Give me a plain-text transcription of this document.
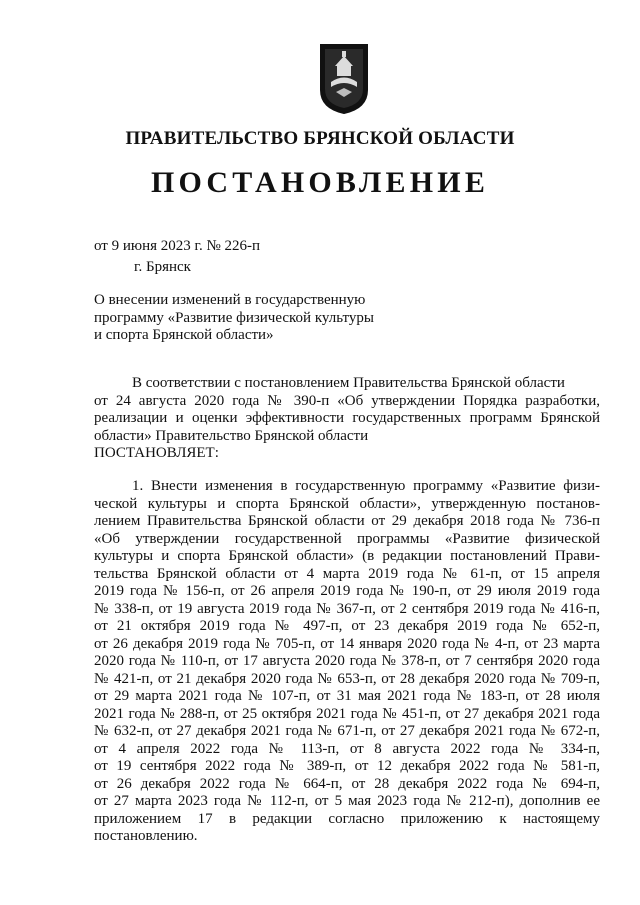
ПРАВИТЕЛЬСТВО БРЯНСКОЙ ОБЛАСТИ
ПОСТАНОВЛЕНИЕ
от 9 июня 2023 г. № 226-п
г. Брянск
О внесении изменений в государственную
программу «Развитие физической культуры
и спорта Брянской области»
В соответствии с постановлением Правительства Брянской области
от 24 августа 2020 года № 390-п «Об утверждении Порядка разработки,
реализации и оценки эффективности государственных программ Брянской
области» Правительство Брянской области
ПОСТАНОВЛЯЕТ:
1. Внести изменения в государственную программу «Развитие физи-
ческой культуры и спорта Брянской области», утвержденную постанов-
лением Правительства Брянской области от 29 декабря 2018 года № 736-п
«Об утверждении государственной программы «Развитие физической
культуры и спорта Брянской области» (в редакции постановлений Прави-
тельства Брянской области от 4 марта 2019 года № 61-п, от 15 апреля
2019 года № 156-п, от 26 апреля 2019 года № 190-п, от 29 июля 2019 года
№ 338-п, от 19 августа 2019 года № 367-п, от 2 сентября 2019 года № 416-п,
от 21 октября 2019 года № 497-п, от 23 декабря 2019 года № 652-п,
от 26 декабря 2019 года № 705-п, от 14 января 2020 года № 4-п, от 23 марта
2020 года № 110-п, от 17 августа 2020 года № 378-п, от 7 сентября 2020 года
№ 421-п, от 21 декабря 2020 года № 653-п, от 28 декабря 2020 года № 709-п,
от 29 марта 2021 года № 107-п, от 31 мая 2021 года № 183-п, от 28 июля
2021 года № 288-п, от 25 октября 2021 года № 451-п, от 27 декабря 2021 года
№ 632-п, от 27 декабря 2021 года № 671-п, от 27 декабря 2021 года № 672-п,
от 4 апреля 2022 года № 113-п, от 8 августа 2022 года № 334-п,
от 19 сентября 2022 года № 389-п, от 12 декабря 2022 года № 581-п,
от 26 декабря 2022 года № 664-п, от 28 декабря 2022 года № 694-п,
от 27 марта 2023 года № 112-п, от 5 мая 2023 года № 212-п), дополнив ее
приложением 17 в редакции согласно приложению к настоящему
постановлению.
